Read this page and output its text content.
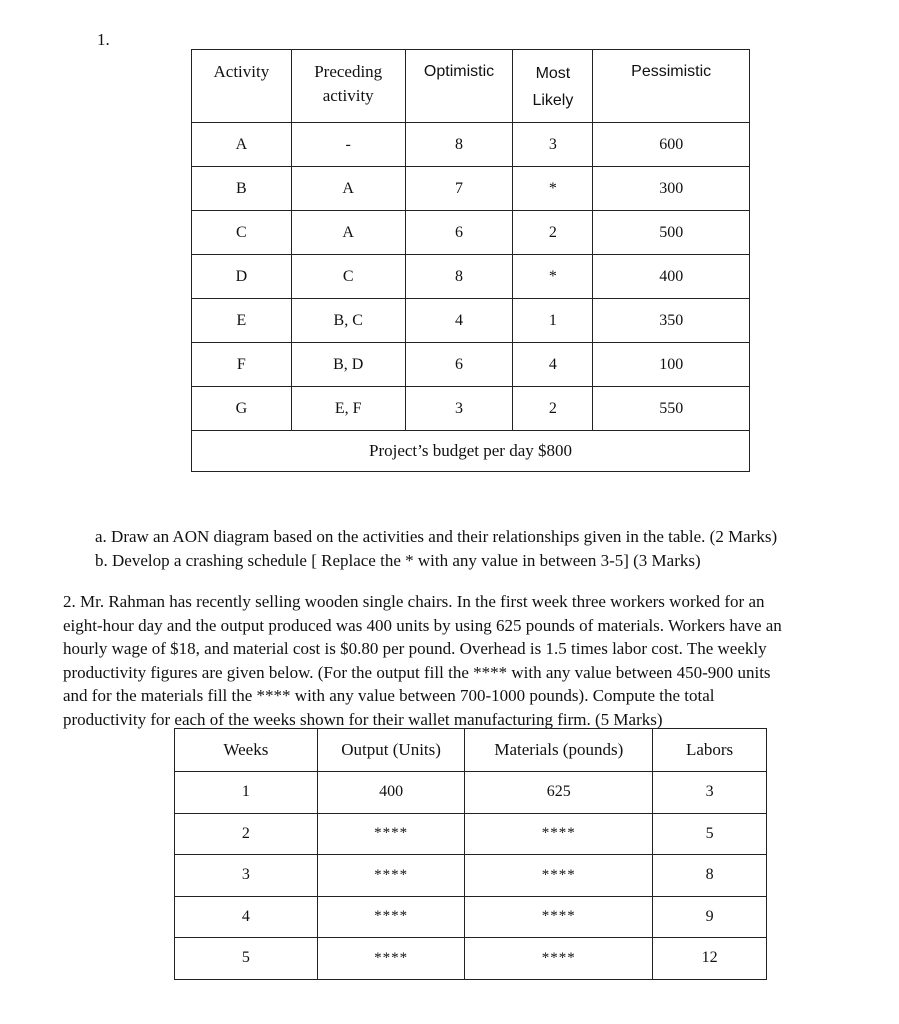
1.
Activity	Preceding activity	Optimistic	Most Likely	Pessimistic

A	-	8	3	600
B	A	7	*	300
C	A	6	2	500
D	C	8	*	400
E	B, C	4	1	350
F	B, D	6	4	100
G	E, F	3	2	550
Project’s budget per day $800				
a. Draw an AON diagram based on the activities and their relationships given in the table. (2 Marks)
b. Develop a crashing schedule [ Replace the * with any value in between 3-5] (3 Marks)
2. Mr. Rahman has recently selling wooden single chairs. In the first week three workers worked for an
eight-hour day and the output produced was 400 units by using 625 pounds of materials. Workers have an
hourly wage of $18, and material cost is $0.80 per pound. Overhead is 1.5 times labor cost. The weekly
productivity figures are given below. (For the output fill the **** with any value between 450-900 units
and for the materials fill the **** with any value between 700-1000 pounds). Compute the total
productivity for each of the weeks shown for their wallet manufacturing firm. (5 Marks)
Weeks	Output (Units)	Materials (pounds)	Labors
1	400	625	3
2	****	****	5
3	****	****	8
4	****	****	9
5	****	****	12
